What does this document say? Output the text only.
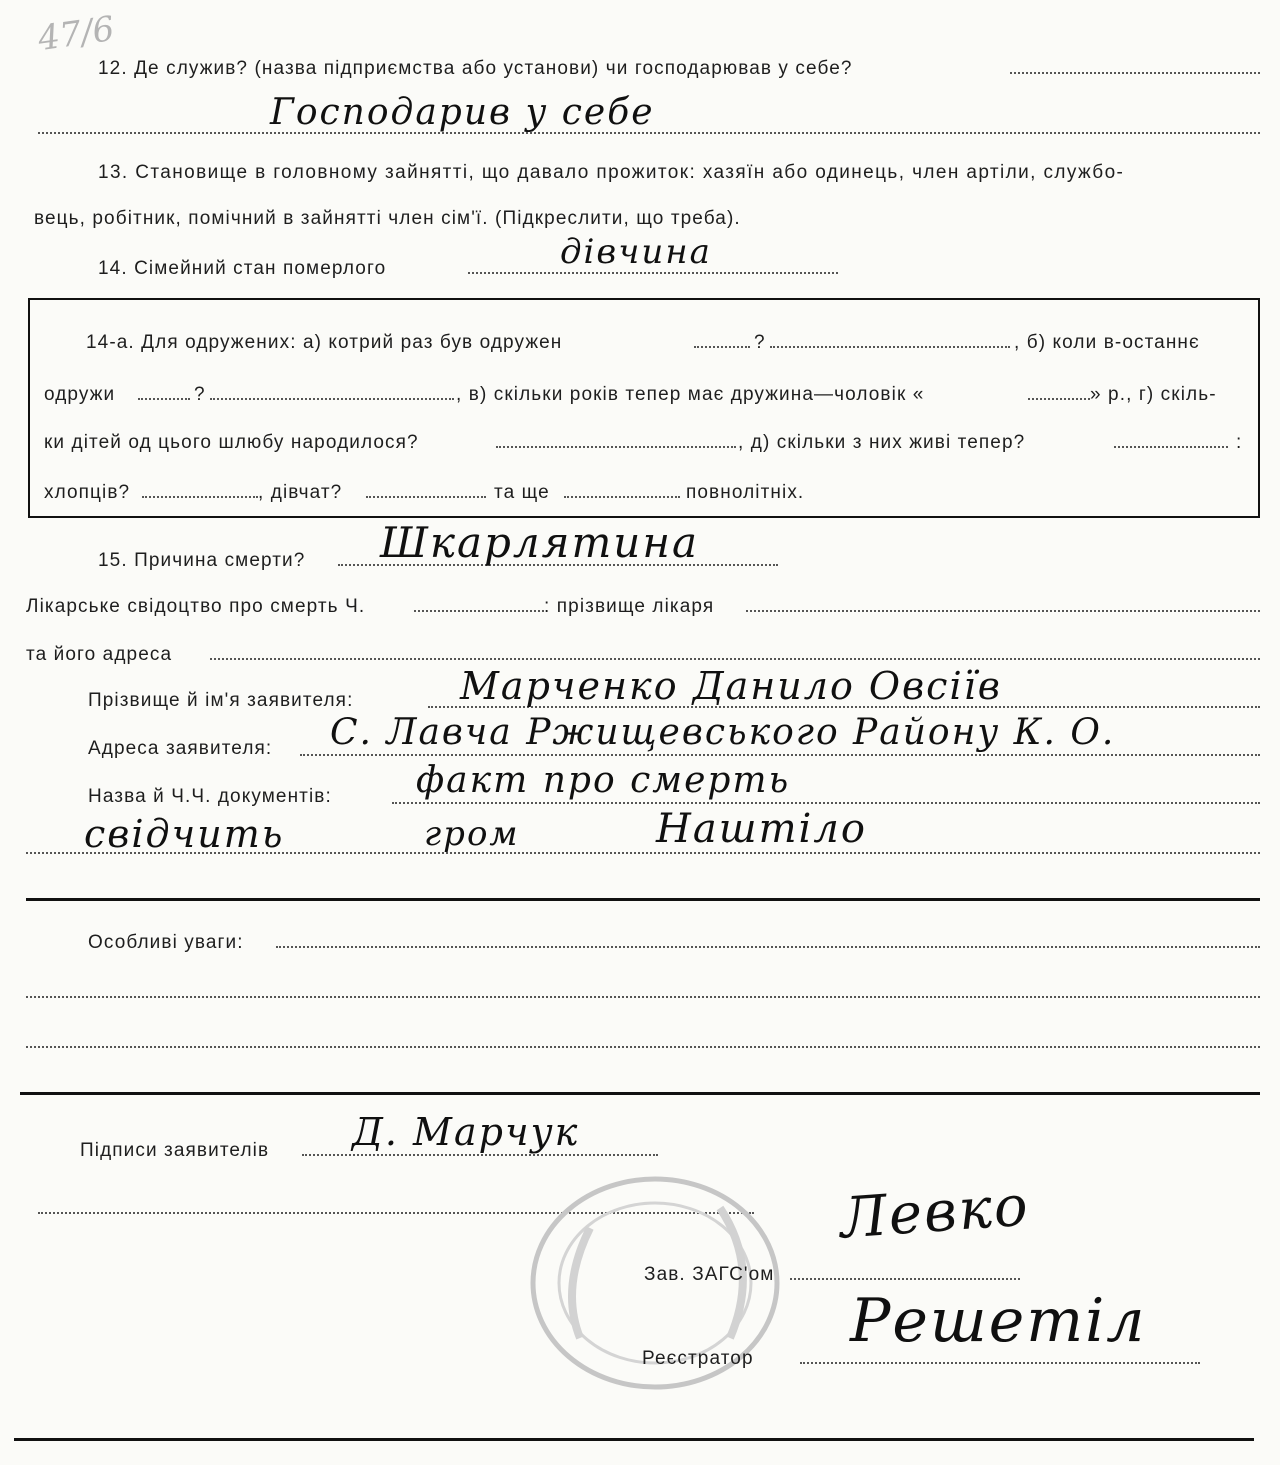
47/6
12. Де служив? (назва підприємства або установи) чи господарював у себе?
Господарив у себе
13. Становище в головному зайнятті, що давало прожиток: хазяїн або одинець, член артіли, службо-
вець, робітник, помічний в зайнятті член сім'ї. (Підкреслити, що треба).
14. Сімейний стан померлого	дівчина
14-а. Для одружених: а) котрий раз був одружен	?	, б) коли в-останнє
одружи	?	, в) скільки років тепер має дружина—чоловік «	» р., г) скіль-
ки дітей од цього шлюбу народилося?	, д) скільки з них живі тепер?	:
хлопців?	, дівчат?	та ще	повнолітніх.
15. Причина смерти? Шкарлятина
Лікарське свідоцтво про смерть Ч.	: прізвище лікаря
та його адреса
Прізвище й ім'я заявителя:	Марченко Данило Овсіїв
Адреса заявителя: С. Лавча Ржищевського Району К. О.
Назва й Ч.Ч. документів: факт про смерть
свідчить	гром	Наштіло
Особливі уваги:
Підписи заявителів Д. Марчук
Зав. ЗАГС'ом
Левко
Реєстратор
Решетіл
